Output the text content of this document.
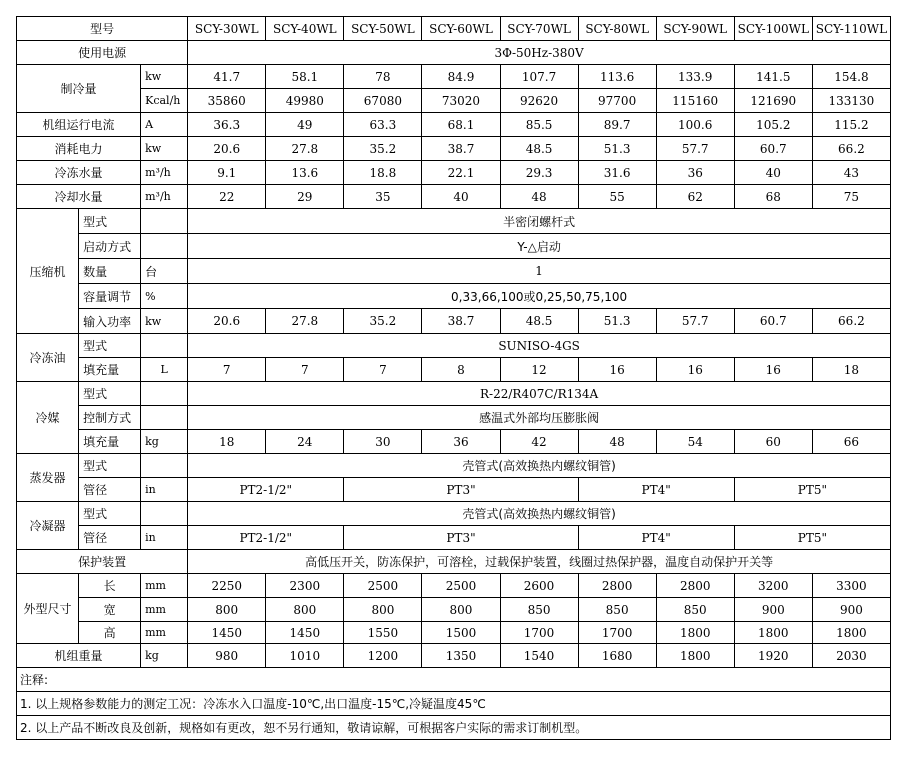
型号			SCY-30WL	SCY-40WL	SCY-50WL	SCY-60WL	SCY-70WL	SCY-80WL	SCY-90WL	SCY-100WL	SCY-110WL
使用电源			3Φ-50Hz-380V								
制冷量		kw	41.7	58.1	78	84.9	107.7	113.6	133.9	141.5	154.8
		Kcal/h	35860	49980	67080	73020	92620	97700	115160	121690	133130
机组运行电流		A	36.3	49	63.3	68.1	85.5	89.7	100.6	105.2	115.2
消耗电力		kw	20.6	27.8	35.2	38.7	48.5	51.3	57.7	60.7	66.2
冷冻水量		m³/h	9.1	13.6	18.8	22.1	29.3	31.6	36	40	43
冷却水量		m³/h	22	29	35	40	48	55	62	68	75
压缩机	型式		半密闭螺杆式								
	启动方式		Y-△启动								
	数量	台	1								
	容量调节	%	0,33,66,100或0,25,50,75,100								
	输入功率	kw	20.6	27.8	35.2	38.7	48.5	51.3	57.7	60.7	66.2
冷冻油	型式		SUNISO-4GS								
	填充量	L	7	7	7	8	12	16	16	16	18
冷媒	型式		R-22/R407C/R134A								
	控制方式		感温式外部均压膨胀阀								
	填充量	kg	18	24	30	36	42	48	54	60	66
蒸发器	型式		壳管式(高效换热内螺纹铜管)								
	管径	in	PT2-1/2"		PT3"			PT4"		PT5"	
冷凝器	型式		壳管式(高效换热内螺纹铜管)								
	管径	in	PT2-1/2"		PT3"			PT4"		PT5"	
保护装置			高低压开关，防冻保护，可溶栓，过载保护装置，线圈过热保护器，温度自动保护开关等								
外型尺寸	长	mm	2250	2300	2500	2500	2600	2800	2800	3200	3300
	宽	mm	800	800	800	800	850	850	850	900	900
	高	mm	1450	1450	1550	1500	1700	1700	1800	1800	1800
机组重量		kg	980	1010	1200	1350	1540	1680	1800	1920	2030
注释:											
1. 以上规格参数能力的测定工况：冷冻水入口温度-10℃,出口温度-15℃,冷疑温度45℃											
2. 以上产品不断改良及创新，规格如有更改，恕不另行通知，敬请谅解，可根据客户实际的需求订制机型。											
